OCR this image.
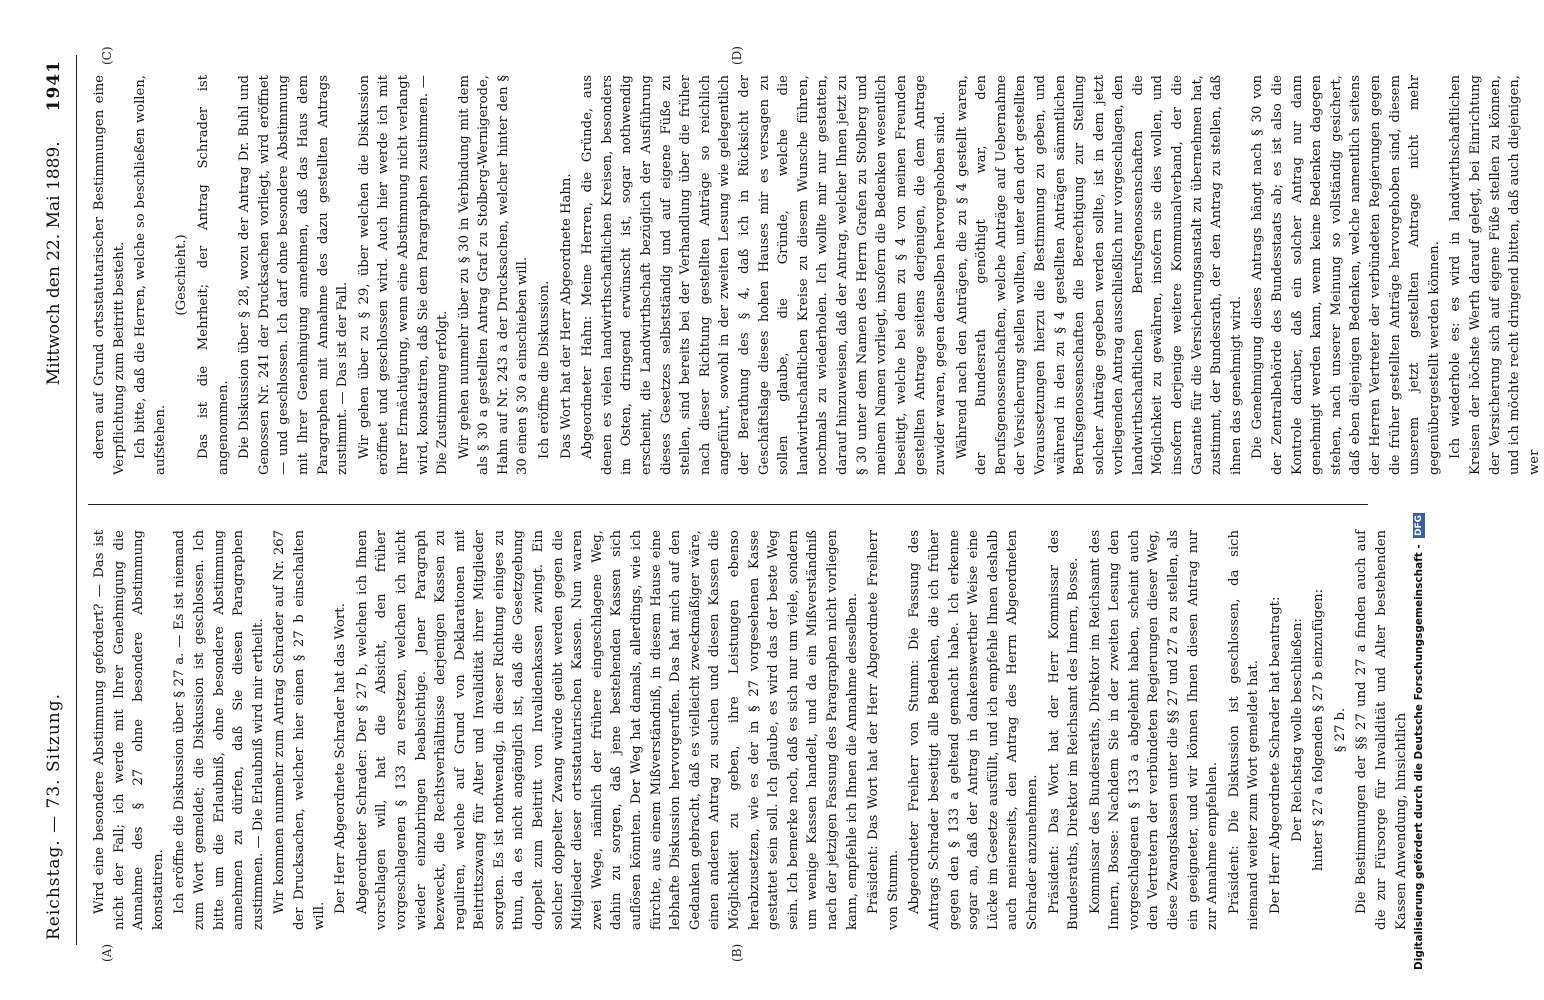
Reichstag. — 73. Sitzung.
Mittwoch den 22. Mai 1889.
1941
(A)	(B)
(C)	(D)

Wird eine besondere Abstimmung gefordert? — Das ist nicht der Fall; ich werde mit Ihrer Genehmigung die Annahme des § 27 ohne besondere Abstimmung konstatiren. Ich eröffne die Diskussion über § 27 a. — Es ist niemand zum Wort gemeldet; die Diskussion ist geschlossen. Ich bitte um die Erlaubniß, ohne besondere Abstimmung annehmen zu dürfen, daß Sie diesen Paragraphen zustimmen. — Die Erlaubniß wird mir ertheilt. Wir kommen nunmehr zum Antrag Schrader auf Nr. 267 der Drucksachen, welcher hier einen § 27 b einschalten will.

Der Herr Abgeordnete Schrader hat das Wort. Abgeordneter Schrader: Der § 27 b, welchen ich Ihnen vorschlagen will, hat die Absicht, den früher vorgeschlagenen § 133 zu ersetzen, welchen ich nicht wieder einzubringen beabsichtige. Jener Paragraph bezweckt, die Rechtsverhältnisse derjenigen Kassen zu reguliren, welche auf Grund von Deklarationen mit Beitrittszwang für Alter und Invalidität ihrer Mitglieder sorgten. Es ist nothwendig, in dieser Richtung einiges zu thun, da es nicht angänglich ist, daß die Gesetzgebung doppelt zum Beitritt von Invalidenkassen zwingt. Ein solcher doppelter Zwang würde geübt werden gegen die Mitglieder dieser ortsstatutarischen Kassen. Nun waren zwei Wege, nämlich der frühere eingeschlagene Weg, dahin zu sorgen, daß jene bestehenden Kassen sich auflösen könnten. Der Weg hat damals, allerdings, wie ich fürchte, aus einem Mißverständniß, in diesem Hause eine lebhafte Diskussion hervorgerufen. Das hat mich auf den Gedanken gebracht, daß es vielleicht zweckmäßiger wäre, einen anderen Antrag zu suchen und diesen Kassen die Möglichkeit zu geben, ihre Leistungen ebenso herabzusetzen, wie es der in § 27 vorgesehenen Kasse gestattet sein soll. Ich glaube, es wird das der beste Weg sein. Ich bemerke noch, daß es sich nur um viele, sondern um wenige Kassen handelt, und da ein Mißverständniß nach der jetzigen Fassung des Paragraphen nicht vorliegen kann, empfehle ich Ihnen die Annahme desselben. Präsident: Das Wort hat der Herr Abgeordnete Freiherr von Stumm. Abgeordneter Freiherr von Stumm: Die Fassung des Antrags Schrader beseitigt alle Bedenken, die ich früher gegen den § 133 a geltend gemacht habe. Ich erkenne sogar an, daß der Antrag in dankenswerther Weise eine Lücke im Gesetze ausfüllt, und ich empfehle Ihnen deshalb auch meinerseits, den Antrag des Herrn Abgeordneten Schrader anzunehmen. Präsident: Das Wort hat der Herr Kommissar des Bundesraths, Direktor im Reichsamt des Innern, Bosse. Kommissar des Bundesraths, Direktor im Reichsamt des Innern, Bosse: Nachdem Sie in der zweiten Lesung den vorgeschlagenen § 133 a abgelehnt haben, scheint auch den Vertretern der verbündeten Regierungen dieser Weg, diese Zwangskassen unter die §§ 27 und 27 a zu stellen, als ein geeigneter, und wir können Ihnen diesen Antrag nur zur Annahme empfehlen. Präsident: Die Diskussion ist geschlossen, da sich niemand weiter zum Wort gemeldet hat. Der Herr Abgeordnete Schrader hat beantragt: Der Reichstag wolle beschließen: hinter § 27 a folgenden § 27 b einzufügen: § 27 b. Die Bestimmungen der §§ 27 und 27 a finden auch auf die zur Fürsorge für Invalidität und Alter bestehenden Kassen Anwendung, hinsichtlich

deren auf Grund ortsstatutarischer Bestimmungen eine Verpflichtung zum Beitritt besteht. Ich bitte, daß die Herren, welche so beschließen wollen, aufstehen.

(Geschieht.) Das ist die Mehrheit; der Antrag Schrader ist angenommen. Die Diskussion über § 28, wozu der Antrag Dr. Buhl und Genossen Nr. 241 der Drucksachen vorliegt, wird eröffnet — und geschlossen. Ich darf ohne besondere Abstimmung mit Ihrer Genehmigung annehmen, daß das Haus dem Paragraphen mit Annahme des dazu gestellten Antrags zustimmt. — Das ist der Fall. Wir gehen über zu § 29, über welchen die Diskussion eröffnet und geschlossen wird. Auch hier werde ich mit Ihrer Ermächtigung, wenn eine Abstimmung nicht verlangt wird, konstatiren, daß Sie dem Paragraphen zustimmen. — Die Zustimmung erfolgt. Wir gehen nunmehr über zu § 30 in Verbindung mit dem als § 30 a gestellten Antrag Graf zu Stolberg-Wernigerode, Hahn auf Nr. 243 a der Drucksachen, welcher hinter den § 30 einen § 30 a einschieben will. Ich eröffne die Diskussion. Das Wort hat der Herr Abgeordnete Hahn. Abgeordneter Hahn: Meine Herren, die Gründe, aus denen es vielen landwirthschaftlichen Kreisen, besonders im Osten, dringend erwünscht ist, sogar nothwendig erscheint, die Landwirthschaft bezüglich der Ausführung dieses Gesetzes selbstständig und auf eigene Füße zu stellen, sind bereits bei der Verhandlung über die früher nach dieser Richtung gestellten Anträge so reichlich angeführt, sowohl in der zweiten Lesung wie gelegentlich der Berathung des § 4, daß ich in Rücksicht der Geschäftslage dieses hohen Hauses mir es versagen zu sollen glaube, die Gründe, welche die landwirthschaftlichen Kreise zu diesem Wunsche führen, nochmals zu wiederholen. Ich wollte mir nur gestatten, darauf hinzuweisen, daß der Antrag, welcher Ihnen jetzt zu § 30 unter dem Namen des Herrn Grafen zu Stolberg und meinem Namen vorliegt, insofern die Bedenken wesentlich beseitigt, welche bei dem zu § 4 von meinen Freunden gestellten Antrage seitens derjenigen, die dem Antrage zuwider waren, gegen denselben hervorgehoben sind. Während nach den Anträgen, die zu § 4 gestellt waren, der Bundesrath genöthigt war, den Berufsgenossenschaften, welche Anträge auf Uebernahme der Versicherung stellen wollten, unter den dort gestellten Voraussetzungen hierzu die Bestimmung zu geben, und während in den zu § 4 gestellten Anträgen sämmtlichen Berufsgenossenschaften die Berechtigung zur Stellung solcher Anträge gegeben werden sollte, ist in dem jetzt vorliegenden Antrag ausschließlich nur vorgeschlagen, den landwirthschaftlichen Berufsgenossenschaften die Möglichkeit zu gewähren, insofern sie dies wollen, und insofern derjenige weitere Kommunalverband, der die Garantie für die Versicherungsanstalt zu übernehmen hat, zustimmt, der Bundesrath, der den Antrag zu stellen, daß ihnen das genehmigt wird. Die Genehmigung dieses Antrags hängt nach § 30 von der Zentralbehörde des Bundesstaats ab; es ist also die Kontrole darüber, daß ein solcher Antrag nur dann genehmigt werden kann, wenn keine Bedenken dagegen stehen, nach unserer Meinung so vollständig gesichert, daß eben diejenigen Bedenken, welche namentlich seitens der Herren Vertreter der verbündeten Regierungen gegen die früher gestellten Anträge hervorgehoben sind, diesem unserem jetzt gestellten Antrage nicht mehr gegenübergestellt werden können. Ich wiederhole es: es wird in landwirthschaftlichen Kreisen der höchste Werth darauf gelegt, bei Einrichtung der Versicherung sich auf eigene Füße stellen zu können, und ich möchte recht dringend bitten, daß auch diejenigen, wer

Digitalisierung gefördert durch die Deutsche Forschungsgemeinschaft -
DFG
